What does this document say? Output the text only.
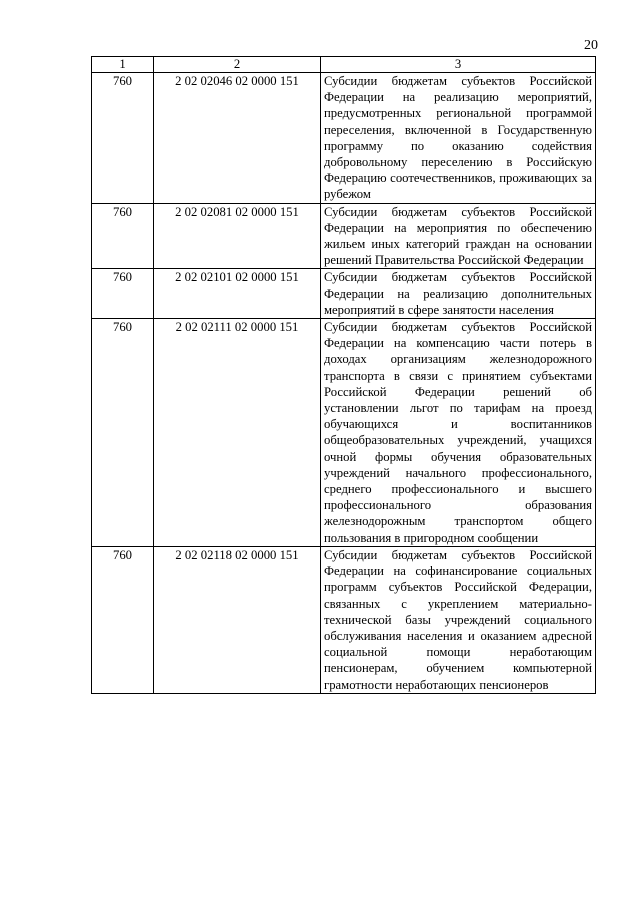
20
1	2	3
760	2 02 02046 02 0000 151	Субсидии бюджетам субъектов Российской Федерации на реализацию мероприятий, предусмотренных региональной программой переселения, включенной в Государственную программу по оказанию содействия добровольному переселению в Российскую Федерацию соотечественников, проживающих за рубежом
760	2 02 02081 02 0000 151	Субсидии бюджетам субъектов Российской Федерации на мероприятия по обеспечению жильем иных категорий граждан на основании решений Правительства Российской Федерации
760	2 02 02101 02 0000 151	Субсидии бюджетам субъектов Российской Федерации на реализацию дополнительных мероприятий в сфере занятости населения
760	2 02 02111 02 0000 151	Субсидии бюджетам субъектов Российской Федерации на компенсацию части потерь в доходах организациям железнодорожного транспорта в связи с принятием субъектами Российской Федерации решений об установлении льгот по тарифам на проезд обучающихся и воспитанников общеобразовательных учреждений, учащихся очной формы обучения образовательных учреждений начального профессионального, среднего профессионального и высшего профессионального образования железнодорожным транспортом общего пользования в пригородном сообщении
760	2 02 02118 02 0000 151	Субсидии бюджетам субъектов Российской Федерации на софинансирование социальных программ субъектов Российской Федерации, связанных с укреплением материально-технической базы учреждений социального обслуживания населения и оказанием адресной социальной помощи неработающим пенсионерам, обучением компьютерной грамотности неработающих пенсионеров
